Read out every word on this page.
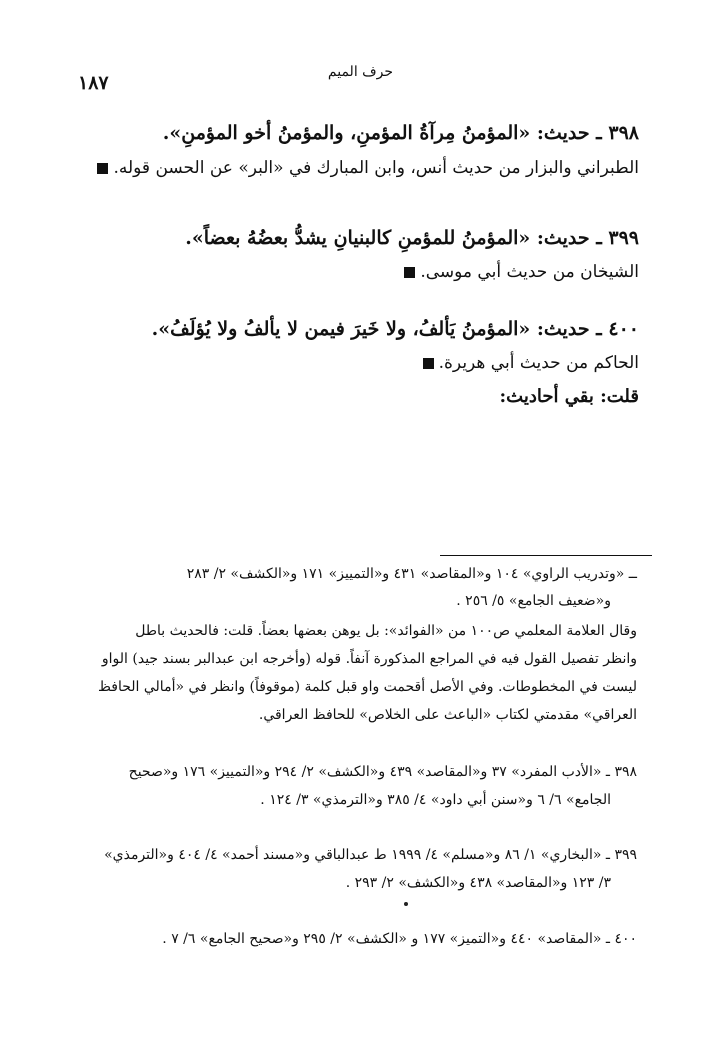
١٨٧	حرف الميم
٣٩٨ ـ حديث: «المؤمنُ مِرآةُ المؤمنِ، والمؤمنُ أخو المؤمنِ».
الطبراني والبزار من حديث أنس، وابن المبارك في «البر» عن الحسن قوله.
٣٩٩ ـ حديث: «المؤمنُ للمؤمنِ كالبنيانِ يشدُّ بعضُهُ بعضاً».
الشيخان من حديث أبي موسى.
٤٠٠ ـ حديث: «المؤمنُ يَألفُ، ولا خَيرَ فيمن لا يألفُ ولا يُؤلَفُ».
الحاكم من حديث أبي هريرة.
قلت: بقي أحاديث:
ــ «وتدريب الراوي» ١٠٤ و«المقاصد» ٤٣١ و«التمييز» ١٧١ و«الكشف» ٢/ ٢٨٣
و«ضعيف الجامع» ٥/ ٢٥٦ .
وقال العلامة المعلمي ص١٠٠ من «الفوائد»: بل يوهن بعضها بعضاً. قلت: فالحديث باطل
وانظر تفصيل القول فيه في المراجع المذكورة آنفاً. قوله (وأخرجه ابن عبدالبر بسند جيد) الواو
ليست في المخطوطات. وفي الأصل أقحمت واو قبل كلمة (موقوفاً) وانظر في «أمالي الحافظ
العراقي» مقدمتي لكتاب «الباعث على الخلاص» للحافظ العراقي.
٣٩٨ ـ «الأدب المفرد» ٣٧ و«المقاصد» ٤٣٩ و«الكشف» ٢/ ٢٩٤ و«التمييز» ١٧٦ و«صحيح
الجامع» ٦/ ٦ و«سنن أبي داود» ٤/ ٣٨٥ و«الترمذي» ٣/ ١٢٤ .
٣٩٩ ـ «البخاري» ١/ ٨٦ و«مسلم» ٤/ ١٩٩٩ ط عبدالباقي و«مسند أحمد» ٤/ ٤٠٤ و«الترمذي»
٣/ ١٢٣ و«المقاصد» ٤٣٨ و«الكشف» ٢/ ٢٩٣ .
٤٠٠ ـ «المقاصد» ٤٤٠ و«التميز» ١٧٧ و «الكشف» ٢/ ٢٩٥ و«صحيح الجامع» ٦/ ٧ .
